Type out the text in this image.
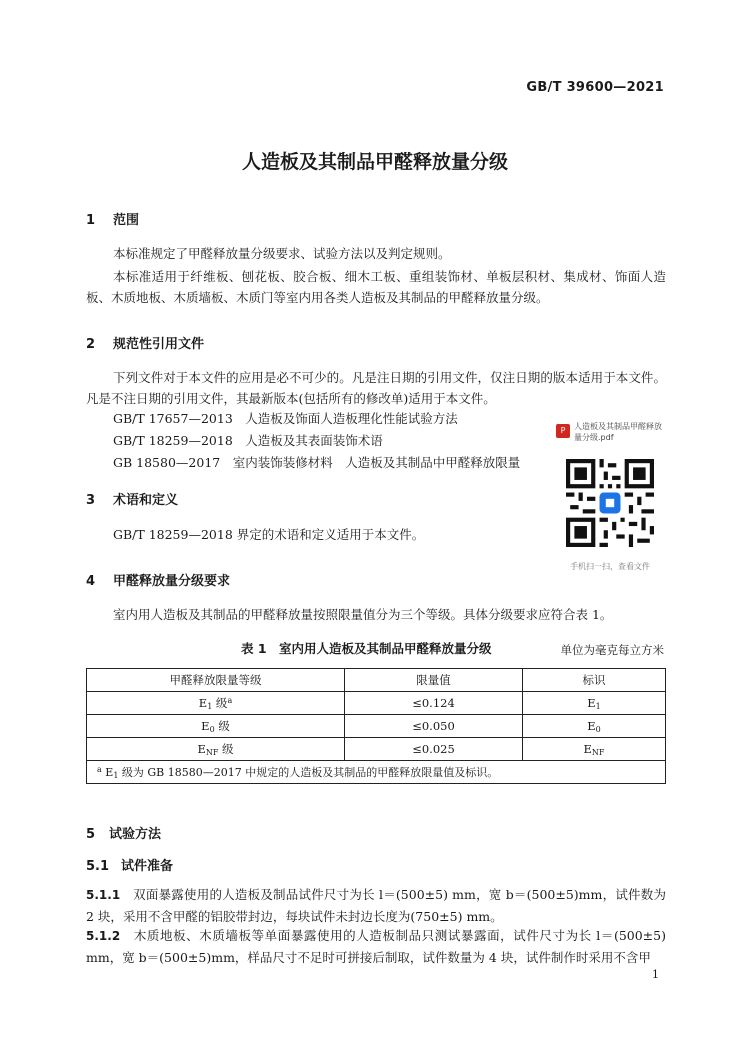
GB/T 39600—2021
人造板及其制品甲醛释放量分级
1 范围
本标准规定了甲醛释放量分级要求、试验方法以及判定规则。
本标准适用于纤维板、刨花板、胶合板、细木工板、重组装饰材、单板层积材、集成材、饰面人造板、木质地板、木质墙板、木质门等室内用各类人造板及其制品的甲醛释放量分级。
2 规范性引用文件
下列文件对于本文件的应用是必不可少的。凡是注日期的引用文件，仅注日期的版本适用于本文件。凡是不注日期的引用文件，其最新版本(包括所有的修改单)适用于本文件。
GB/T 17657—2013　人造板及饰面人造板理化性能试验方法
GB/T 18259—2018　人造板及其表面装饰术语
GB 18580—2017　室内装饰装修材料　人造板及其制品中甲醛释放限量
P	人造板及其制品甲醛释放量分级.pdf
手机扫一扫，查看文件
3 术语和定义
GB/T 18259—2018 界定的术语和定义适用于本文件。
4 甲醛释放量分级要求
室内用人造板及其制品的甲醛释放量按照限量值分为三个等级。具体分级要求应符合表 1。
表 1　室内用人造板及其制品甲醛释放量分级	单位为毫克每立方米
甲醛释放限量等级	限量值	标识
$E_1$ 级$^a$	≤0.124	$E_1$
$E_0$ 级	≤0.050	$E_0$
$E_{NF}$ 级	≤0.025	$E_{NF}$
$^a$ $E_1$ 级为 GB 18580—2017 中规定的人造板及其制品的甲醛释放限量值及标识。		
5 试验方法
5.1 试件准备
5.1.1　 双面暴露使用的人造板及制品试件尺寸为长 l＝(500±5) mm，宽 b＝(500±5)mm，试件数为 2 块，采用不含甲醛的铝胶带封边，每块试件未封边长度为(750±5) mm。
5.1.2　 木质地板、木质墙板等单面暴露使用的人造板制品只测试暴露面，试件尺寸为长 l＝(500±5) mm，宽 b＝(500±5)mm，样品尺寸不足时可拼接后制取，试件数量为 4 块，试件制作时采用不含甲
1
